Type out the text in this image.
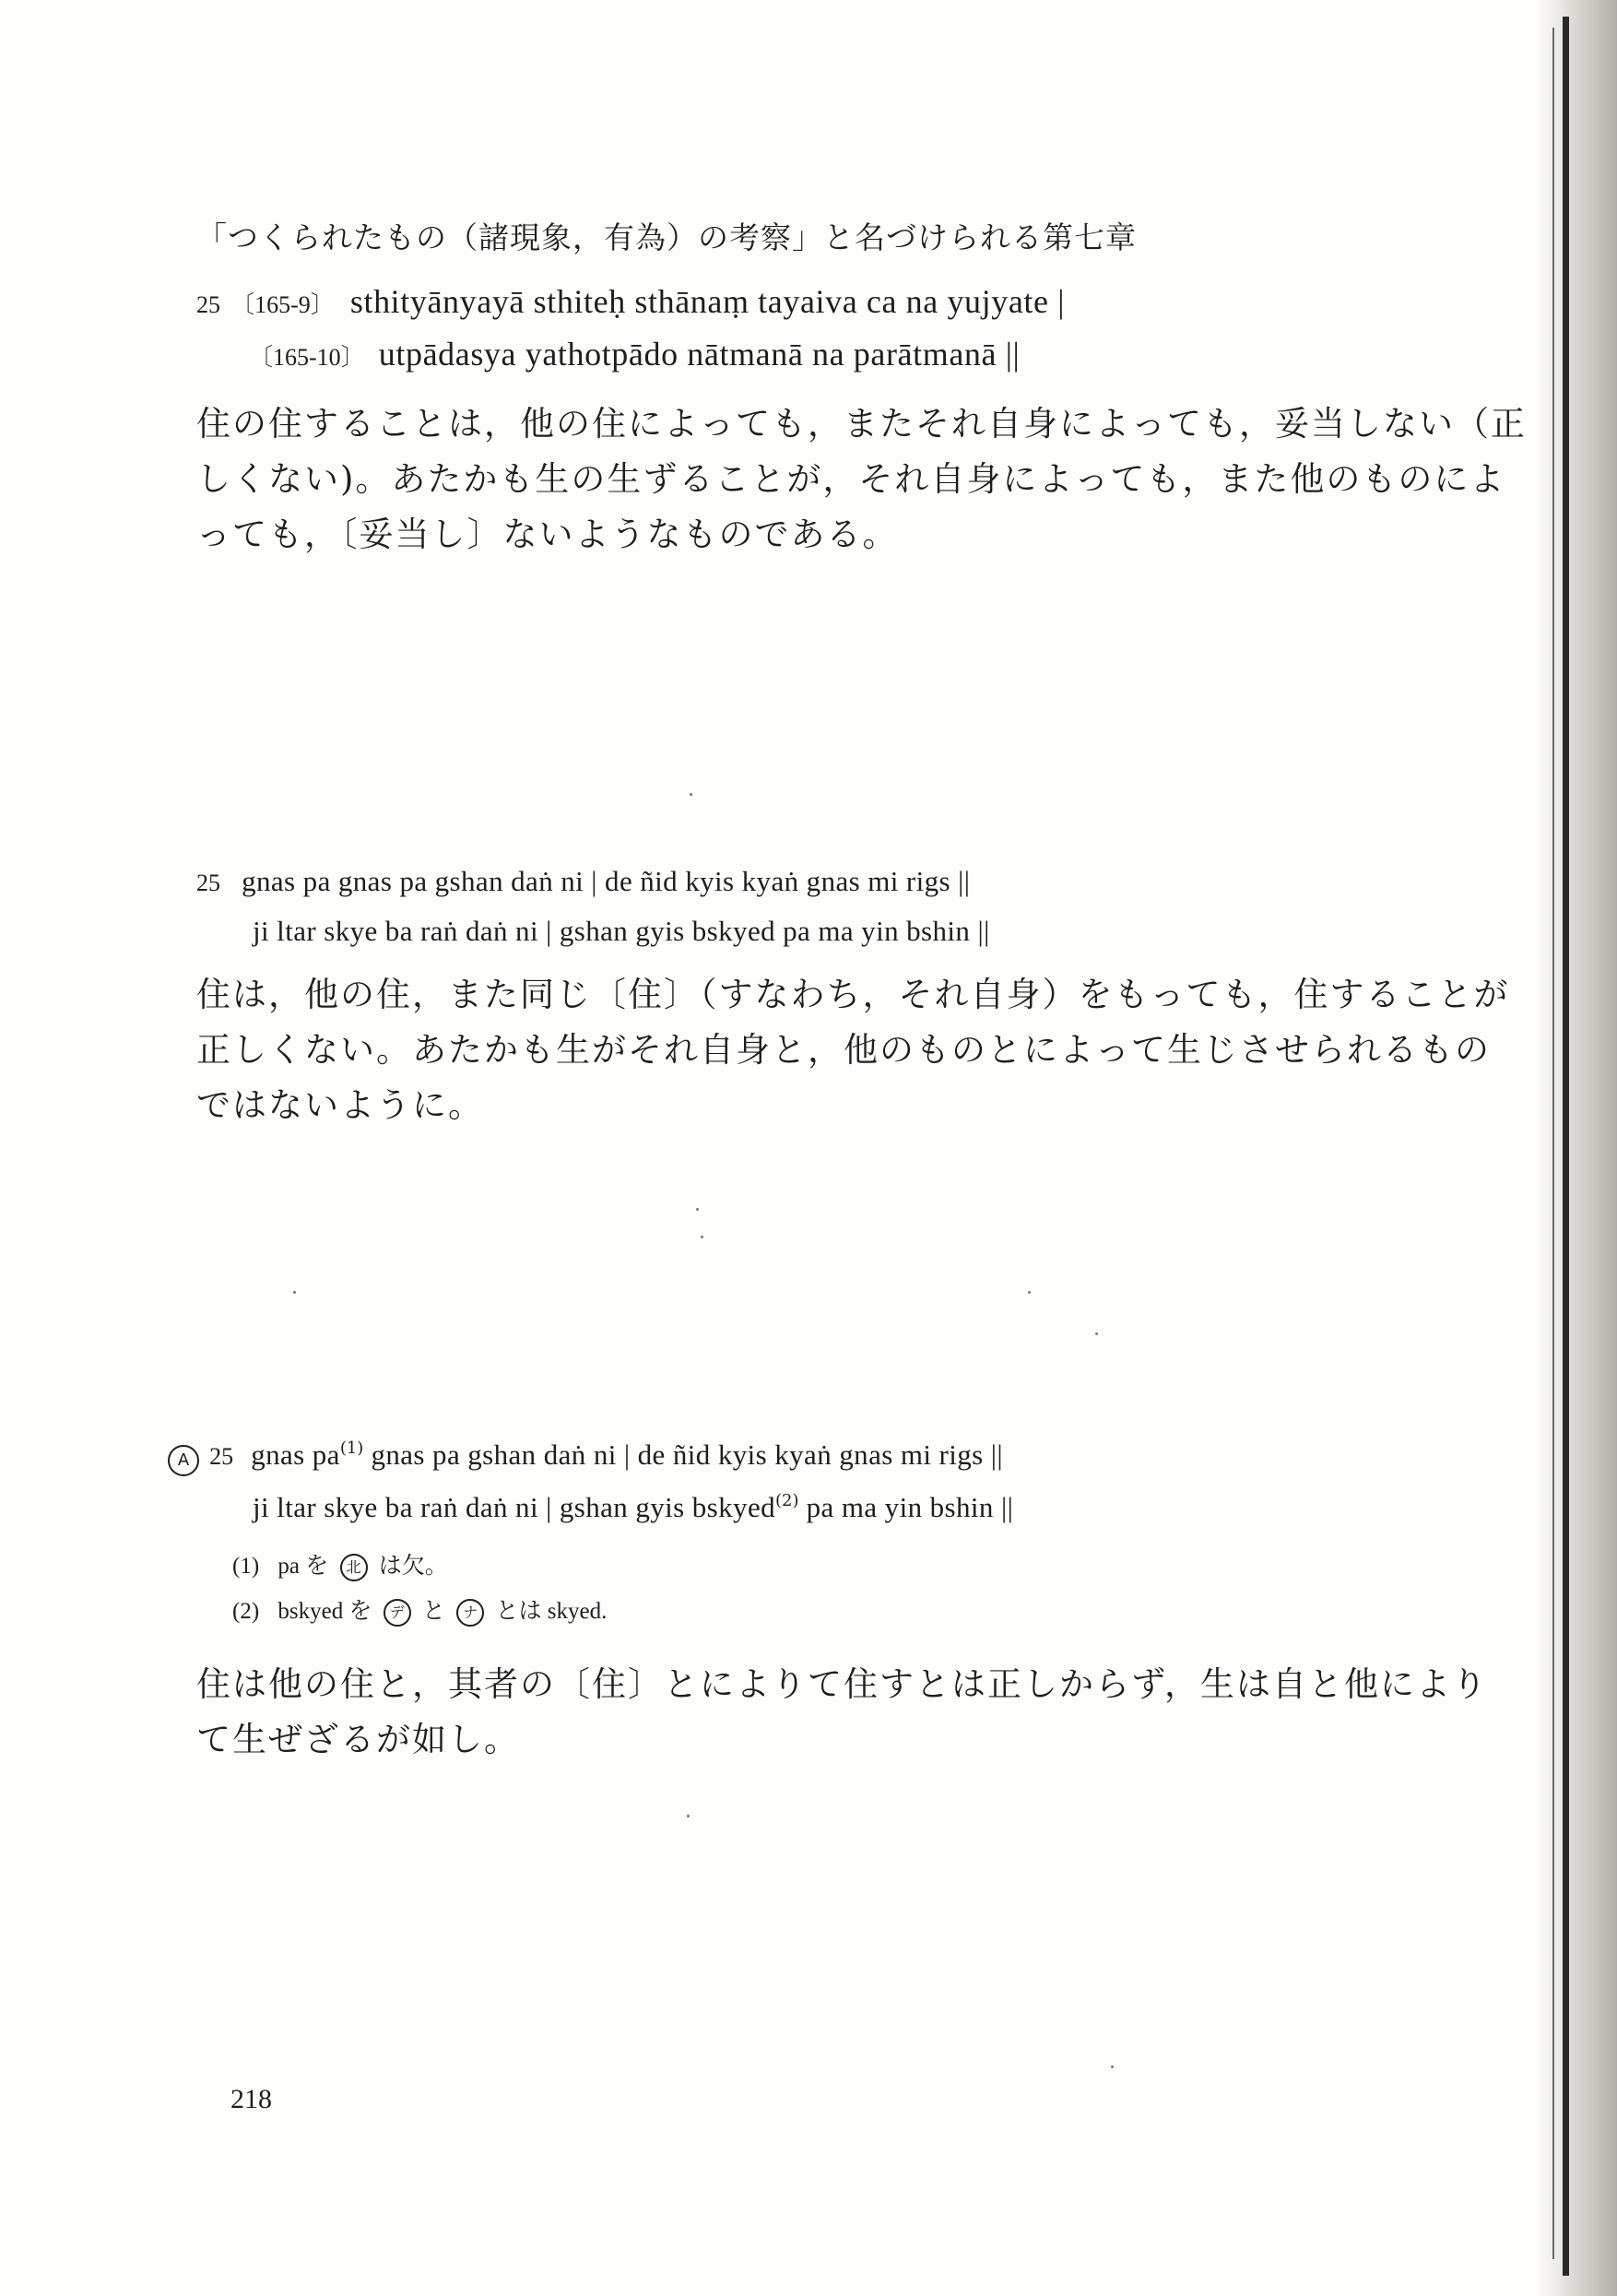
「つくられたもの（諸現象，有為）の考察」と名づけられる第七章
25 〔165-9〕 sthityānyayā sthiteḥ sthānaṃ tayaiva ca na yujyate |
〔165-10〕 utpādasya yathotpādo nātmanā na parātmanā ||
住の住することは，他の住によっても，またそれ自身によっても，妥当しない（正
しくない)。あたかも生の生ずることが，それ自身によっても，また他のものによ
っても，〔妥当し〕ないようなものである。
25 gnas pa gnas pa gshan daṅ ni | de ñid kyis kyaṅ gnas mi rigs ||
ji ltar skye ba raṅ daṅ ni | gshan gyis bskyed pa ma yin bshin ||
住は，他の住，また同じ〔住〕（すなわち，それ自身）をもっても，住することが
正しくない。あたかも生がそれ自身と，他のものとによって生じさせられるもの
ではないように。
A 25 gnas $pa^{(1)}$ gnas pa gshan daṅ ni | de ñid kyis kyaṅ gnas mi rigs ||
ji ltar skye ba raṅ daṅ ni | gshan gyis bskyed$^{(2)}$ pa ma yin bshin ||
(1) pa を 北 は欠。
(2) bskyed を デ と ナ とは skyed.
住は他の住と，其者の〔住〕とによりて住すとは正しからず，生は自と他により
て生ぜざるが如し。
218
